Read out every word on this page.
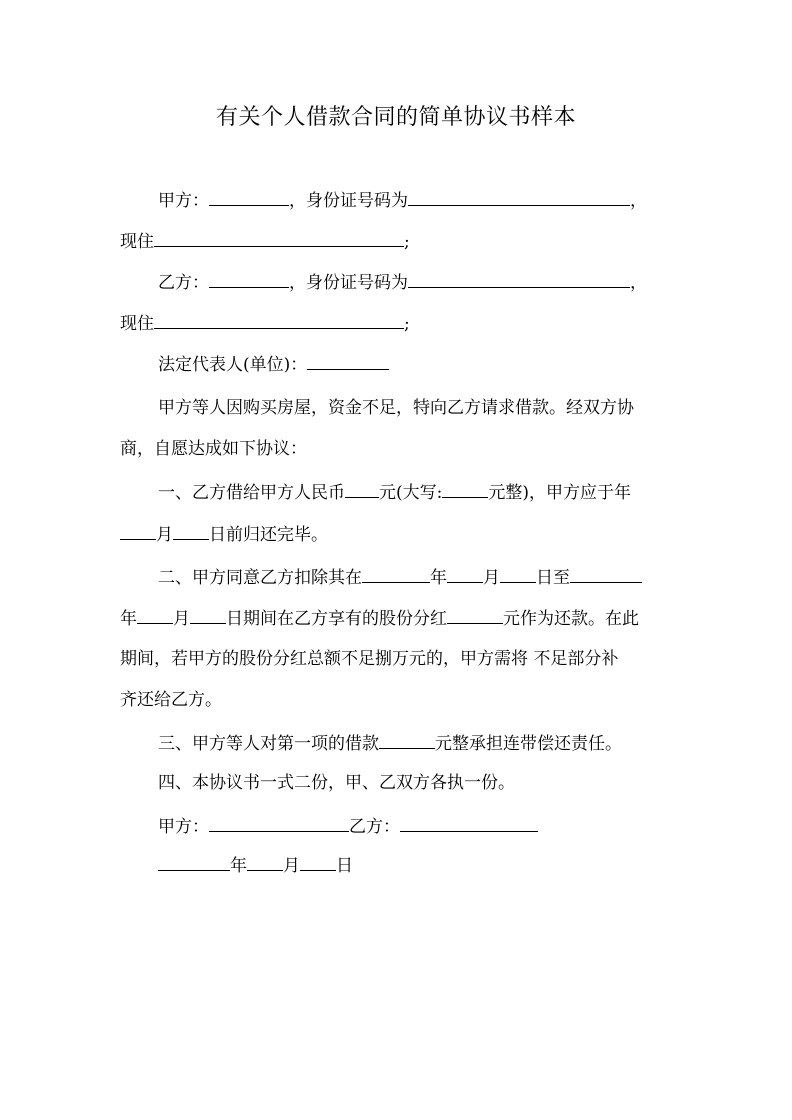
有关个人借款合同的简单协议书样本
甲方：	，身份证号码为	，
现住	;
乙方：	，身份证号码为	，
现住	;
法定代表人(单位)：
甲方等人因购买房屋，资金不足，特向乙方请求借款。经双方协
商，自愿达成如下协议：
一、乙方借给甲方人民币 元(大写:	元整)，甲方应于年
月 日前归还完毕。
二、甲方同意乙方扣除其在	年 月 日至
年 月 日期间在乙方享有的股份分红	元作为还款。在此
期间，若甲方的股份分红总额不足捌万元的，甲方需将 不足部分补
齐还给乙方。
三、甲方等人对第一项的借款	元整承担连带偿还责任。
四、本协议书一式二份，甲、乙双方各执一份。
甲方：	乙方：
年 月 日
